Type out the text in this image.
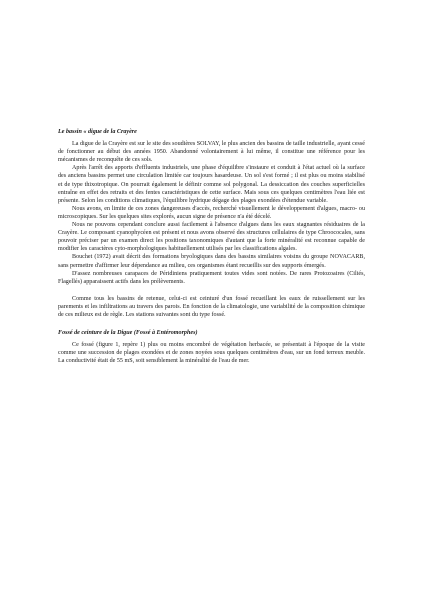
Le bassin « digue de la Crayère

La digue de la Crayère est sur le site des soudières SOLVAY, le plus ancien des bassins de taille industrielle, ayant cessé de fonctionner au début des années 1950. Abandonné volontairement à lui même, il constitue une référence pour les mécanismes de reconquête de ces sols.

Après l'arrêt des apports d'effluents industriels, une phase d'équilibre s'instaure et conduit à l'état actuel où la surface des anciens bassins permet une circulation limitée car toujours hasardeuse. Un sol s'est formé ; il est plus ou moins stabilisé et de type thixotropique. On pourrait également le définir comme sol polygonal. La dessiccation des couches superficielles entraîne en effet des retraits et des fentes caractéristiques de cette surface. Mais sous ces quelques centimètres l'eau liée est présente. Selon les conditions climatiques, l'équilibre hydrique dégage des plages exondées d'étendue variable.

Nous avons, en limite de ces zones dangereuses d'accès, recherché visuellement le développement d'algues, macro- ou microscopiques. Sur les quelques sites explorés, aucun signe de présence n'a été décelé.

Nous ne pouvons cependant conclure aussi facilement à l'absence d'algues dans les eaux stagnantes résiduaires de la Crayère. Le composant cyanophycéen est présent et nous avons observé des structures cellulaires de type Chroococales, sans pouvoir préciser par un examen direct les positions taxonomiques d'autant que la forte minéralité est reconnue capable de modifier les caractères cyto-morphologiques habituellement utilisés par les classifications algales.

Bouchet (1972) avait décrit des formations bryologiques dans des bassins similaires voisins du groupe NOVACARB, sans permettre d'affirmer leur dépendance au milieu, ces organismes étant recueillis sur des supports émergés.

D'assez nombreuses carapaces de Péridiniens pratiquement toutes vides sont notées. De rares Protozoaires (Ciliés, Flagellés) apparaissent actifs dans les prélèvements.

Comme tous les bassins de retenue, celui-ci est ceinturé d'un fossé recueillant les eaux de ruissellement sur les parements et les infiltrations au travers des parois. En fonction de la climatologie, une variabilité de la composition chimique de ces milieux est de règle. Les stations suivantes sont du type fossé.

Fossé de ceinture de la Digue (Fossé à Entéromorphes)

Ce fossé (figure 1, repère 1) plus ou moins encombré de végétation herbacée, se présentait à l'époque de la visite comme une succession de plages exondées et de zones noyées sous quelques centimètres d'eau, sur un fond terreux meuble. La conductivité était de 55 mS, soit sensiblement la minéralité de l'eau de mer.
